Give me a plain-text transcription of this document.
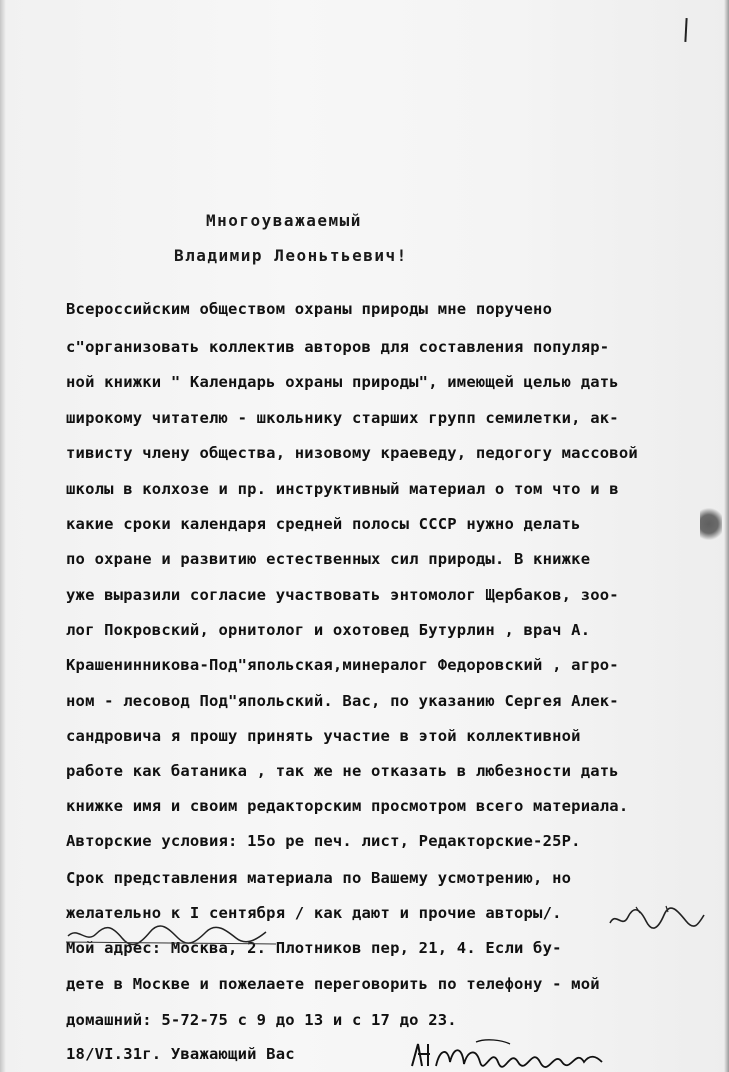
Многоуважаемый
Владимир Леоньтьевич!
Всероссийским обществом охраны природы мне поручено
с"организовать коллектив авторов для составления популяр-
ной книжки " Календарь охраны природы", имеющей целью дать
широкому читателю - школьнику старших групп семилетки, ак-
тивисту члену общества, низовому краеведу, педогогу массовой
школы в колхозе и пр. инструктивный материал о том что и в
какие сроки календаря средней полосы СССР нужно делать
по охране и развитию естественных сил природы. В книжке
уже выразили согласие участвовать энтомолог Щербаков, зоо-
лог Покровский, орнитолог и охотовед Бутурлин , врач А.
Крашенинникова-Под"япольская,минералог Федоровский , агро-
ном - лесовод Под"япольский. Вас, по указанию Сергея Алек-
сандровича я прошу принять участие в этой коллективной
работе как батаника , так же не отказать в любезности дать
книжке имя и своим редакторским просмотром всего материала.
Авторские условия: 15о ре печ. лист, Редакторские-25Р.
Срок представления материала по Вашему усмотрению, но
желательно к I сентября / как дают и прочие авторы/.
Мой адрес: Москва, 2. Плотников пер, 21, 4. Если бу-
дете в Москве и пожелаете переговорить по телефону - мой
домашний: 5-72-75 с 9 до 13 и с 17 до 23.
18/VI.31г. Уважающий Вас
